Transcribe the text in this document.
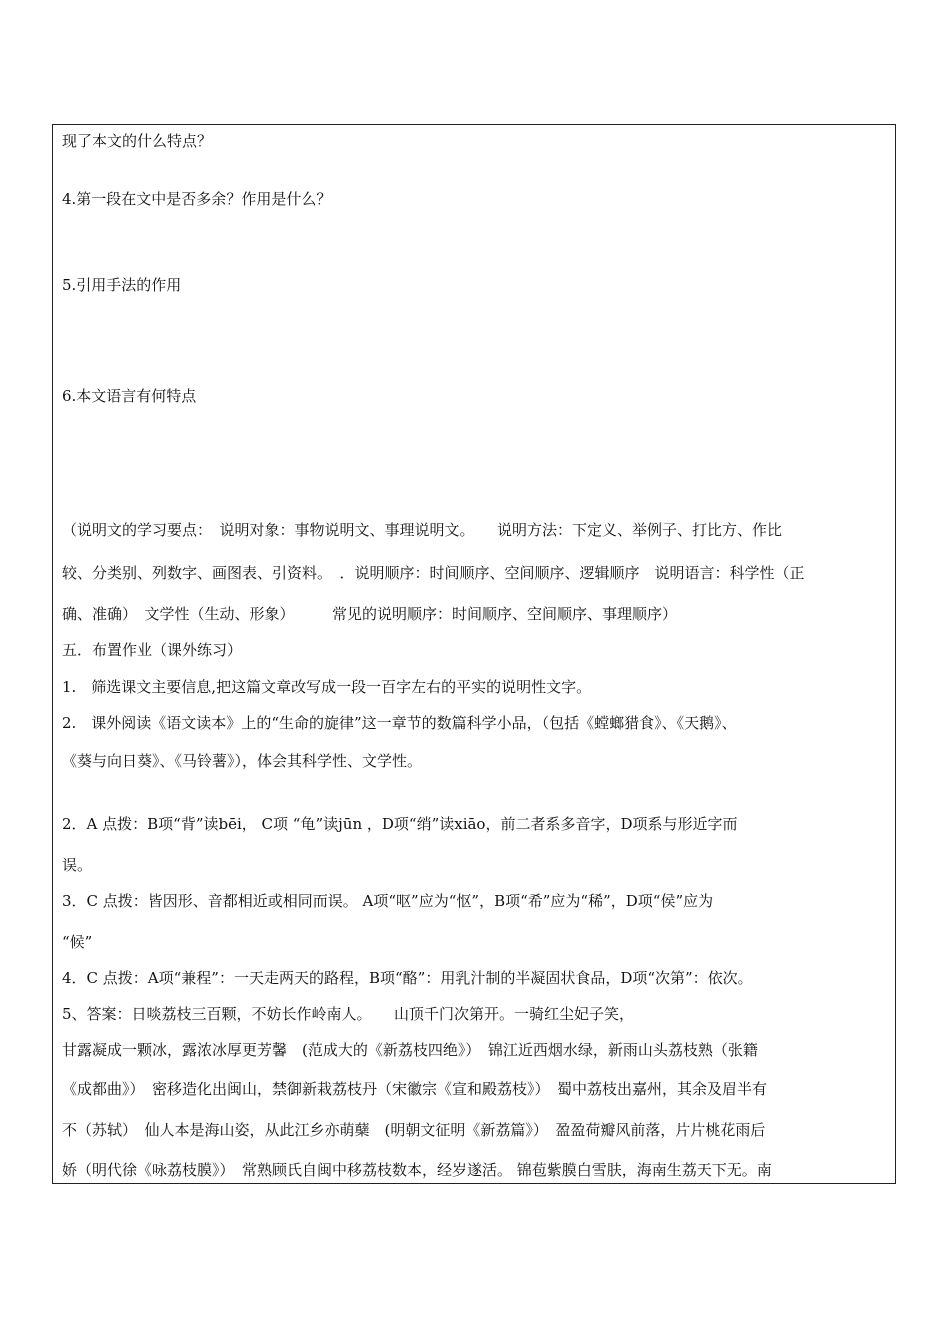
现了本文的什么特点？
4.第一段在文中是否多余？作用是什么？
5.引用手法的作用
6.本文语言有何特点
（说明文的学习要点：　说明对象：事物说明文、事理说明文。　　说明方法：下定义、举例子、打比方、作比
较、分类别、列数字、画图表、引资料。　．说明顺序：时间顺序、空间顺序、逻辑顺序　说明语言：科学性（正
确、准确）　文学性（生动、形象）　　　常见的说明顺序：时间顺序、空间顺序、事理顺序）
五．布置作业（课外练习）
1.　筛选课文主要信息,把这篇文章改写成一段一百字左右的平实的说明性文字。
2.　课外阅读《语文读本》上的“生命的旋律”这一章节的数篇科学小品，（包括《螳螂猎食》、《天鹅》、
《葵与向日葵》、《马铃薯》），体会其科学性、文学性。
2．A 点拨：B项“背”读bēi， C项 “龟”读jūn ，D项“绡”读xiāo，前二者系多音字，D项系与形近字而
误。
3．C 点拨：皆因形、音都相近或相同而误。 A项“呕”应为“怄”，B项“希”应为“稀”，D项“侯”应为
“候”
4．C 点拨：A项“兼程”：一天走两天的路程，B项“酪”：用乳汁制的半凝固状食品，D项“次第”：依次。
5、答案：日啖荔枝三百颗，不妨长作岭南人。　　山顶千门次第开。一骑红尘妃子笑，
甘露凝成一颗冰，露浓冰厚更芳馨　(范成大的《新荔枝四绝》）　锦江近西烟水绿，新雨山头荔枝熟（张籍
《成都曲》）　密移造化出闽山，禁御新栽荔枝丹（宋徽宗《宣和殿荔枝》）　蜀中荔枝出嘉州，其余及眉半有
不（苏轼）　仙人本是海山姿，从此江乡亦萌蘖　(明朝文征明《新荔篇》）　盈盈荷瓣风前落，片片桃花雨后
娇（明代徐《咏荔枝膜》）　常熟顾氏自闽中移荔枝数本，经岁遂活。 锦苞紫膜白雪肤，海南生荔天下无。南
